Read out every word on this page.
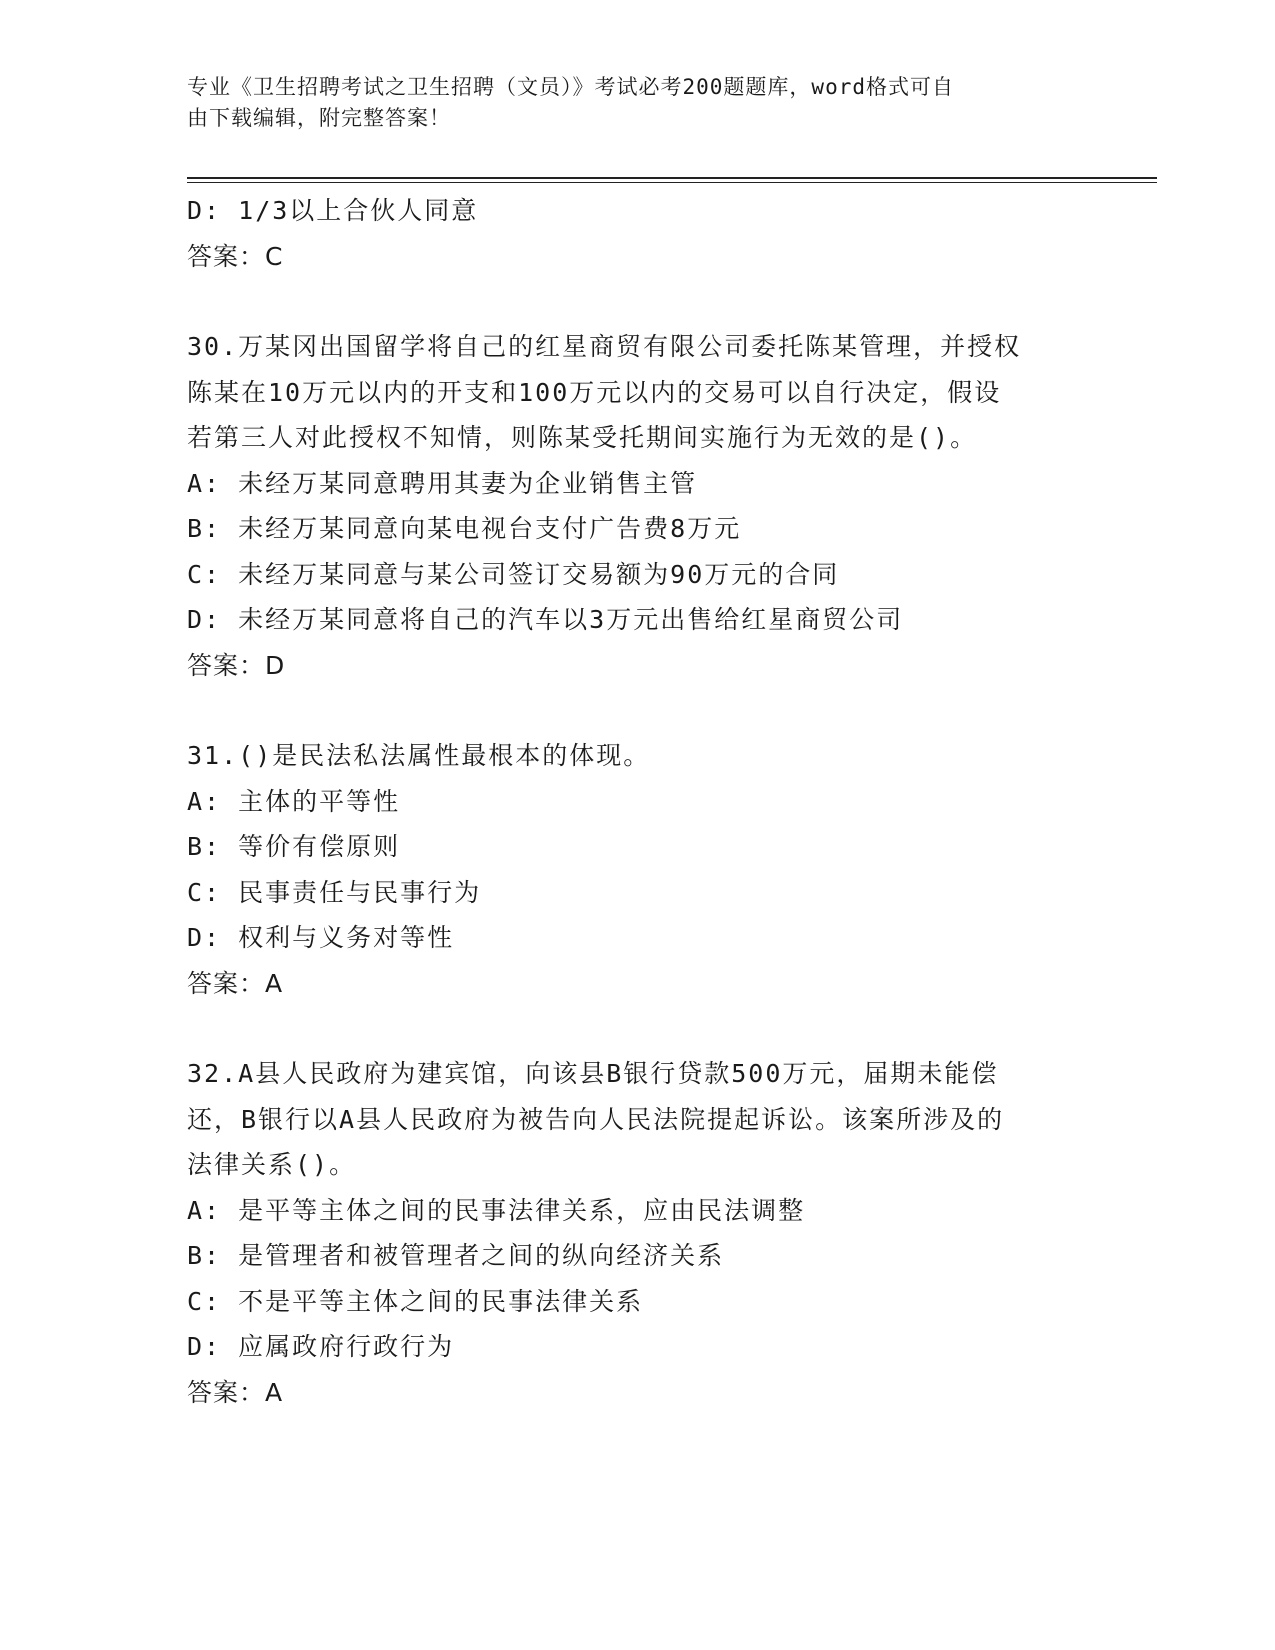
专业《卫生招聘考试之卫生招聘（文员）》考试必考200题题库，word格式可自
由下载编辑，附完整答案！
D: 1/3以上合伙人同意
答案：C
30.万某冈出国留学将自己的红星商贸有限公司委托陈某管理，并授权
陈某在10万元以内的开支和100万元以内的交易可以自行决定，假设
若第三人对此授权不知情，则陈某受托期间实施行为无效的是()。
A: 未经万某同意聘用其妻为企业销售主管
B: 未经万某同意向某电视台支付广告费8万元
C: 未经万某同意与某公司签订交易额为90万元的合同
D: 未经万某同意将自己的汽车以3万元出售给红星商贸公司
答案：D
31.()是民法私法属性最根本的体现。
A: 主体的平等性
B: 等价有偿原则
C: 民事责任与民事行为
D: 权利与义务对等性
答案：A
32.A县人民政府为建宾馆，向该县B银行贷款500万元，届期未能偿
还，B银行以A县人民政府为被告向人民法院提起诉讼。该案所涉及的
法律关系()。
A: 是平等主体之间的民事法律关系，应由民法调整
B: 是管理者和被管理者之间的纵向经济关系
C: 不是平等主体之间的民事法律关系
D: 应属政府行政行为
答案：A
